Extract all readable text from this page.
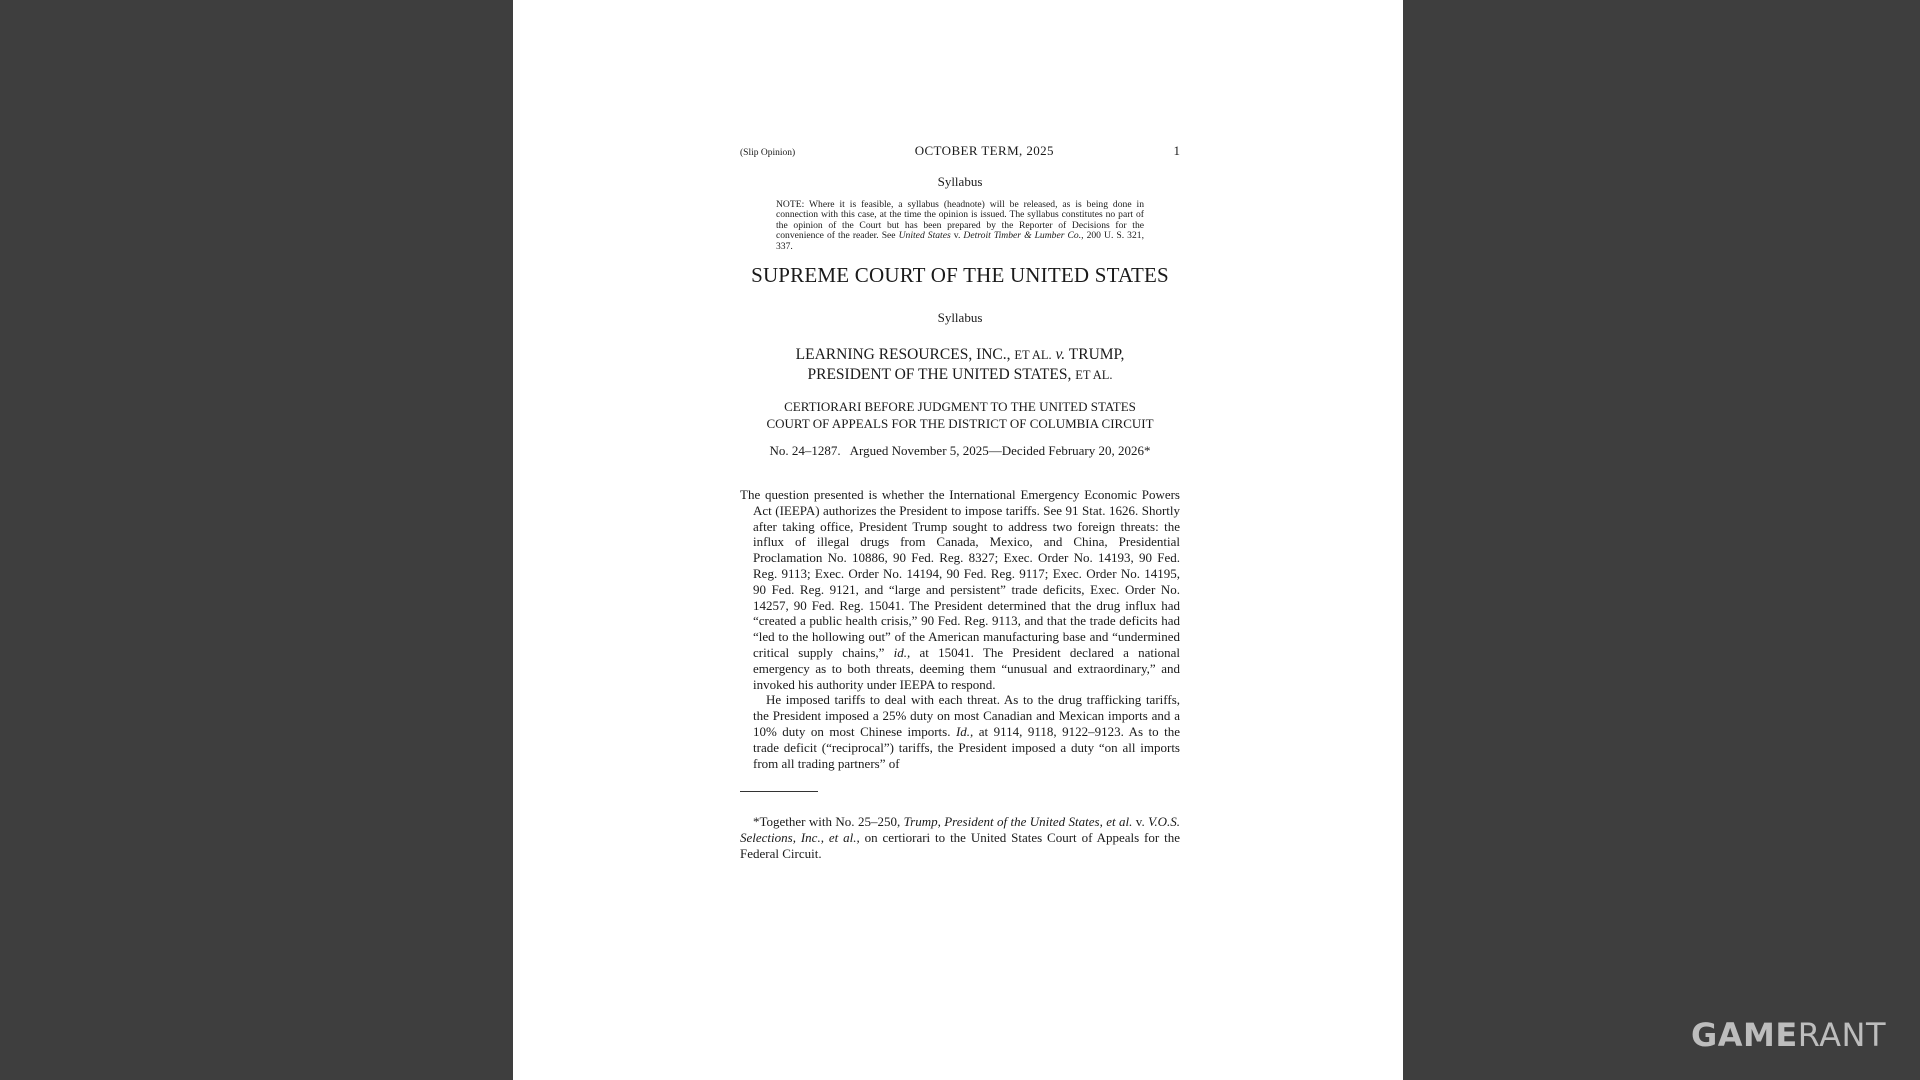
(Slip Opinion)	OCTOBER TERM, 2025	1
Syllabus
NOTE: Where it is feasible, a syllabus (headnote) will be released, as is being done in connection with this case, at the time the opinion is issued. The syllabus constitutes no part of the opinion of the Court but has been prepared by the Reporter of Decisions for the convenience of the reader. See United States v. Detroit Timber & Lumber Co., 200 U. S. 321, 337.
SUPREME COURT OF THE UNITED STATES
Syllabus
LEARNING RESOURCES, INC., ET AL. v. TRUMP,
PRESIDENT OF THE UNITED STATES, ET AL.
CERTIORARI BEFORE JUDGMENT TO THE UNITED STATES
COURT OF APPEALS FOR THE DISTRICT OF COLUMBIA CIRCUIT
No. 24–1287.   Argued November 5, 2025—Decided February 20, 2026*

The question presented is whether the International Emergency Economic Powers Act (IEEPA) authorizes the President to impose tariffs. See 91 Stat. 1626. Shortly after taking office, President Trump sought to address two foreign threats: the influx of illegal drugs from Canada, Mexico, and China, Presidential Proclamation No. 10886, 90 Fed. Reg. 8327; Exec. Order No. 14193, 90 Fed. Reg. 9113; Exec. Order No. 14194, 90 Fed. Reg. 9117; Exec. Order No. 14195, 90 Fed. Reg. 9121, and “large and persistent” trade deficits, Exec. Order No. 14257, 90 Fed. Reg. 15041. The President determined that the drug influx had “created a public health crisis,” 90 Fed. Reg. 9113, and that the trade deficits had “led to the hollowing out” of the American manufacturing base and “undermined critical supply chains,” id., at 15041. The President declared a national emergency as to both threats, deeming them “unusual and extraordinary,” and invoked his authority under IEEPA to respond.

He imposed tariffs to deal with each threat. As to the drug trafficking tariffs, the President imposed a 25% duty on most Canadian and Mexican imports and a 10% duty on most Chinese imports. Id., at 9114, 9118, 9122–9123. As to the trade deficit (“reciprocal”) tariffs, the President imposed a duty “on all imports from all trading partners” of

*Together with No. 25–250, Trump, President of the United States, et al. v. V.O.S. Selections, Inc., et al., on certiorari to the United States Court of Appeals for the Federal Circuit.
GAMERANT
